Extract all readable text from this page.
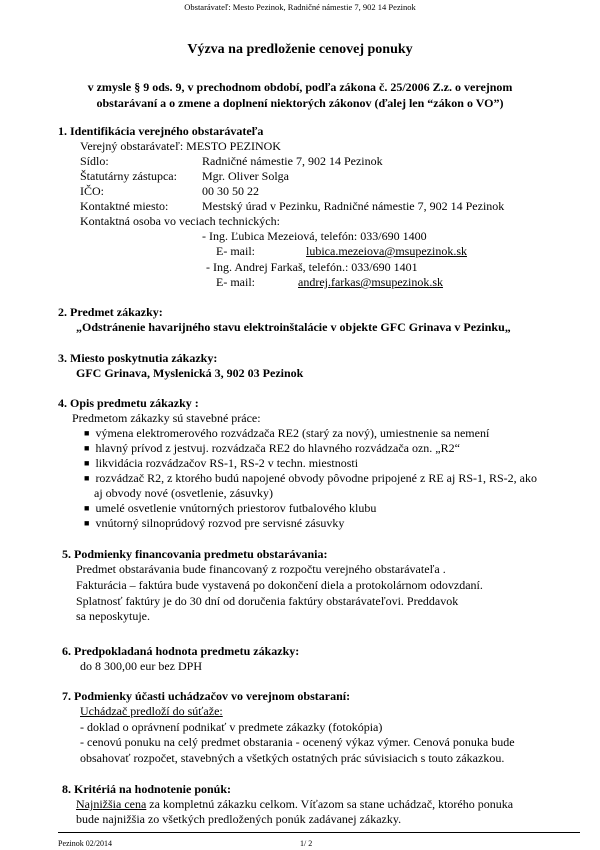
Obstarávateľ: Mesto Pezinok, Radničné námestie 7, 902 14 Pezinok
Výzva na predloženie cenovej ponuky
v zmysle § 9 ods. 9, v prechodnom období, podľa zákona č. 25/2006 Z.z. o verejnom
obstarávaní a o zmene a doplnení niektorých zákonov (ďalej len “zákon o VO”)
1. Identifikácia verejného obstarávateľa
Verejný obstarávateľ: MESTO PEZINOK
Sídlo:	Radničné námestie 7, 902 14 Pezinok
Štatutárny zástupca: Mgr. Oliver Solga
IČO:	00 30 50 22
Kontaktné miesto:	Mestský úrad v Pezinku, Radničné námestie 7, 902 14 Pezinok
Kontaktná osoba vo veciach technických:
- Ing. Ľubica Mezeiová, telefón: 033/690 1400
E- mail:	lubica.mezeiova@msupezinok.sk
- Ing. Andrej Farkaš, telefón.: 033/690 1401
E- mail:	andrej.farkas@msupezinok.sk
2. Predmet zákazky:
„Odstránenie havarijného stavu elektroinštalácie v objekte GFC Grinava v Pezinku„
3. Miesto poskytnutia zákazky:
GFC Grinava, Myslenická 3, 902 03 Pezinok
4. Opis predmetu zákazky :
Predmetom zákazky sú stavebné práce:
■ výmena elektromerového rozvádzača RE2 (starý za nový), umiestnenie sa nemení
■ hlavný prívod z jestvuj. rozvádzača RE2 do hlavného rozvádzača ozn. „R2“
■ likvidácia rozvádzačov RS-1, RS-2 v techn. miestnosti
■ rozvádzač R2, z ktorého budú napojené obvody pôvodne pripojené z RE aj RS-1, RS-2, ako
aj obvody nové (osvetlenie, zásuvky)
■ umelé osvetlenie vnútorných priestorov futbalového klubu
■ vnútorný silnoprúdový rozvod pre servisné zásuvky
5. Podmienky financovania predmetu obstarávania:
Predmet obstarávania bude financovaný z rozpočtu verejného obstarávateľa .
Fakturácia – faktúra bude vystavená po dokončení diela a protokolárnom odovzdaní.
Splatnosť faktúry je do 30 dní od doručenia faktúry obstarávateľovi. Preddavok
sa neposkytuje.
6. Predpokladaná hodnota predmetu zákazky:
do 8 300,00 eur bez DPH
7. Podmienky účasti uchádzačov vo verejnom obstaraní:
Uchádzač predloží do súťaže:
- doklad o oprávnení podnikať v predmete zákazky (fotokópia)
- cenovú ponuku na celý predmet obstarania - ocenený výkaz výmer. Cenová ponuka bude
obsahovať rozpočet, stavebných a všetkých ostatných prác súvisiacich s touto zákazkou.
8. Kritériá na hodnotenie ponúk:
Najnižšia cena za kompletnú zákazku celkom. Víťazom sa stane uchádzač, ktorého ponuka
bude najnižšia zo všetkých predložených ponúk zadávanej zákazky.
Pezinok 02/2014	1/ 2
